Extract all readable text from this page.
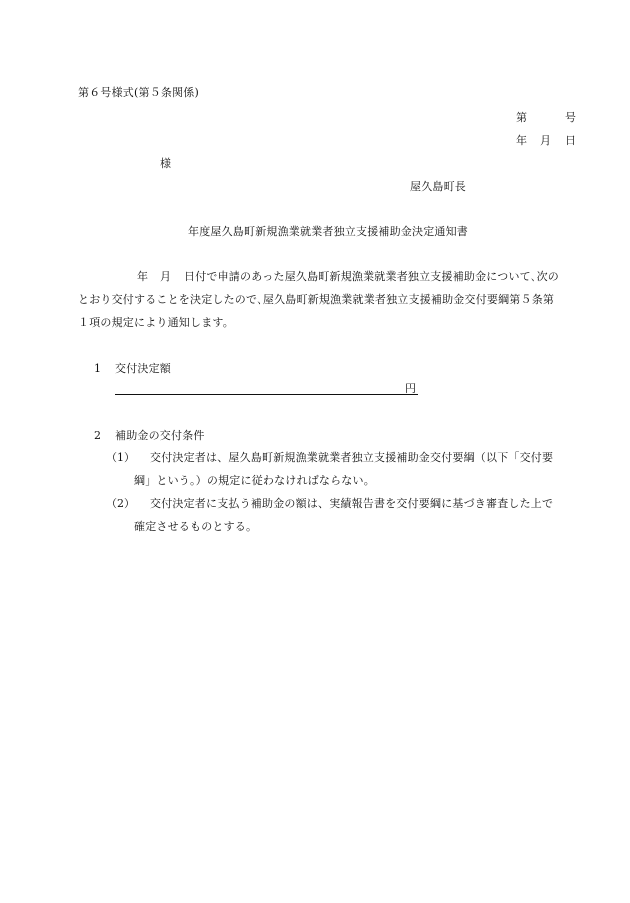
第６号様式(第５条関係)
第	号
年 月 日
様
屋久島町長
年度屋久島町新規漁業就業者独立支援補助金決定通知書
年 月 日付で申請のあった屋久島町新規漁業就業者独立支援補助金について､次の
とおり交付することを決定したので､屋久島町新規漁業就業者独立支援補助金交付要綱第５条第
１項の規定により通知します。
1 交付決定額
円
2 補助金の交付条件
（1） 交付決定者は、屋久島町新規漁業就業者独立支援補助金交付要綱（以下「交付要
綱」という。）の規定に従わなければならない。
（2） 交付決定者に支払う補助金の額は、実績報告書を交付要綱に基づき審査した上で
確定させるものとする。
